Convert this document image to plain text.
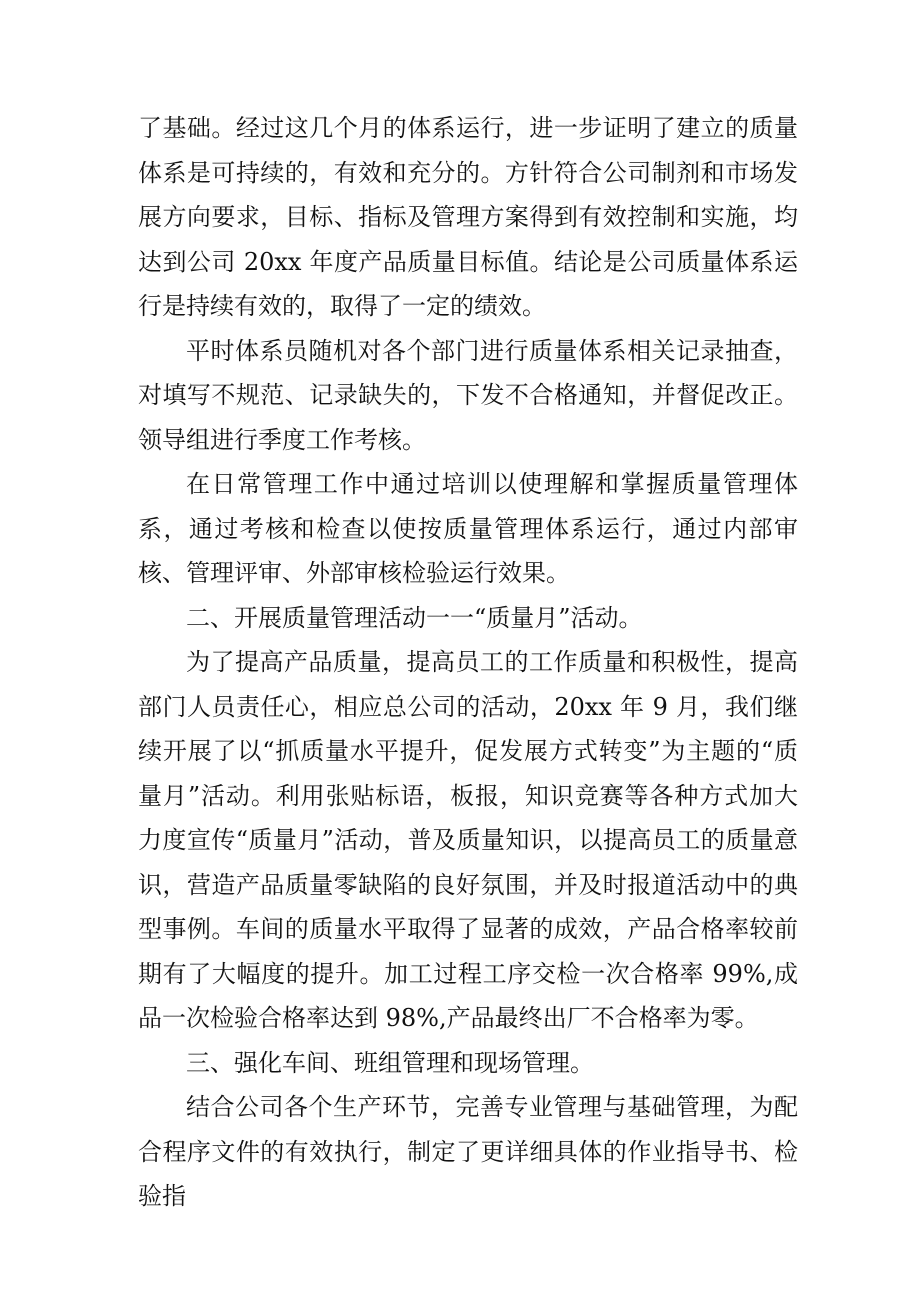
了基础。经过这几个月的体系运行，进一步证明了建立的质量体系是可持续的，有效和充分的。方针符合公司制剂和市场发展方向要求，目标、指标及管理方案得到有效控制和实施，均达到公司 20xx 年度产品质量目标值。结论是公司质量体系运行是持续有效的，取得了一定的绩效。

平时体系员随机对各个部门进行质量体系相关记录抽查，对填写不规范、记录缺失的，下发不合格通知，并督促改正。领导组进行季度工作考核。

在日常管理工作中通过培训以使理解和掌握质量管理体系，通过考核和检查以使按质量管理体系运行，通过内部审核、管理评审、外部审核检验运行效果。

二、开展质量管理活动一一“质量月”活动。

为了提高产品质量，提高员工的工作质量和积极性，提高部门人员责任心，相应总公司的活动，20xx 年 9 月，我们继续开展了以“抓质量水平提升，促发展方式转变”为主题的“质量月”活动。利用张贴标语，板报，知识竞赛等各种方式加大力度宣传“质量月”活动，普及质量知识，以提高员工的质量意识，营造产品质量零缺陷的良好氛围，并及时报道活动中的典型事例。车间的质量水平取得了显著的成效，产品合格率较前期有了大幅度的提升。加工过程工序交检一次合格率 99%,成品一次检验合格率达到 98%,产品最终出厂不合格率为零。

三、强化车间、班组管理和现场管理。

结合公司各个生产环节，完善专业管理与基础管理，为配合程序文件的有效执行，制定了更详细具体的作业指导书、检验指
